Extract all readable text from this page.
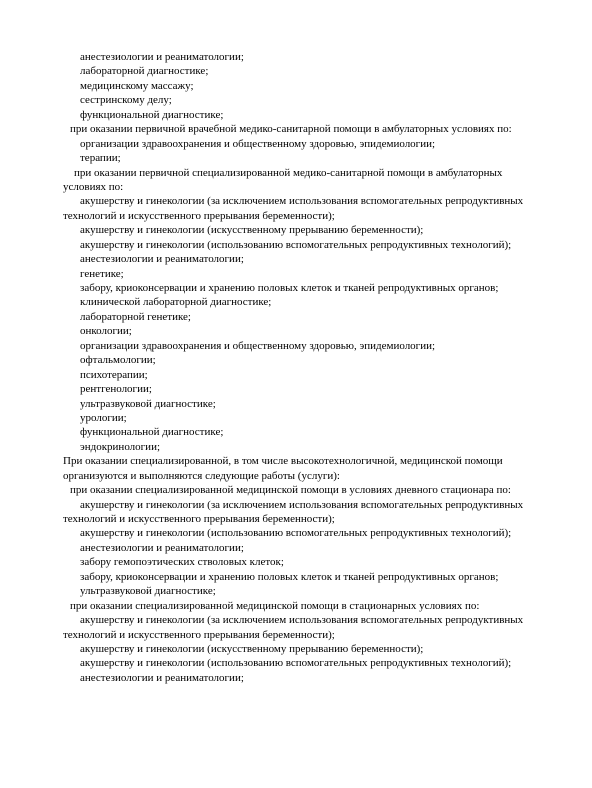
анестезиологии и реаниматологии;
лабораторной диагностике;
медицинскому массажу;
сестринскому делу;
функциональной диагностике;
при оказании первичной врачебной медико-санитарной помощи в амбулаторных условиях по:
организации здравоохранения и общественному здоровью, эпидемиологии;
терапии;
при оказании первичной специализированной медико-санитарной помощи в амбулаторных
условиях по:
акушерству и гинекологии (за исключением использования вспомогательных репродуктивных
технологий и искусственного прерывания беременности);
акушерству и гинекологии (искусственному прерыванию беременности);
акушерству и гинекологии (использованию вспомогательных репродуктивных технологий);
анестезиологии и реаниматологии;
генетике;
забору, криоконсервации и хранению половых клеток и тканей репродуктивных органов;
клинической лабораторной диагностике;
лабораторной генетике;
онкологии;
организации здравоохранения и общественному здоровью, эпидемиологии;
офтальмологии;
психотерапии;
рентгенологии;
ультразвуковой диагностике;
урологии;
функциональной диагностике;
эндокринологии;
При оказании специализированной, в том числе высокотехнологичной, медицинской помощи
организуются и выполняются следующие работы (услуги):
при оказании специализированной медицинской помощи в условиях дневного стационара по:
акушерству и гинекологии (за исключением использования вспомогательных репродуктивных
технологий и искусственного прерывания беременности);
акушерству и гинекологии (использованию вспомогательных репродуктивных технологий);
анестезиологии и реаниматологии;
забору гемопоэтических стволовых клеток;
забору, криоконсервации и хранению половых клеток и тканей репродуктивных органов;
ультразвуковой диагностике;
при оказании специализированной медицинской помощи в стационарных условиях по:
акушерству и гинекологии (за исключением использования вспомогательных репродуктивных
технологий и искусственного прерывания беременности);
акушерству и гинекологии (искусственному прерыванию беременности);
акушерству и гинекологии (использованию вспомогательных репродуктивных технологий);
анестезиологии и реаниматологии;
